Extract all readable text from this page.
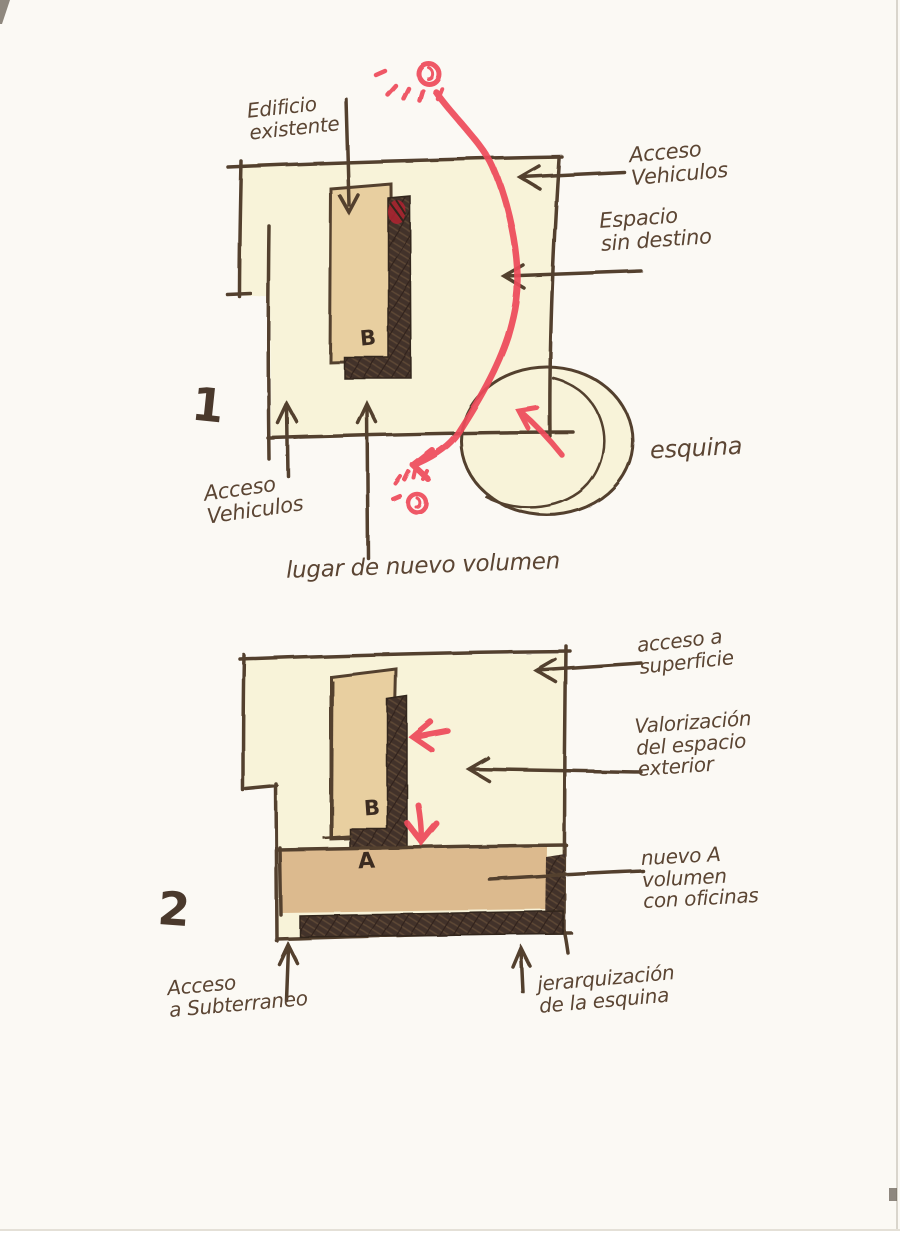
Edificio
existente
Acceso
Vehiculos
Espacio
sin destino
esquina
Acceso
Vehiculos
lugar de nuevo volumen
1
B
acceso a
superficie
Valorización
del espacio
exterior
nuevo A
volumen
con oficinas
jerarquización
de la esquina
Acceso
a Subterraneo
2
B
A
